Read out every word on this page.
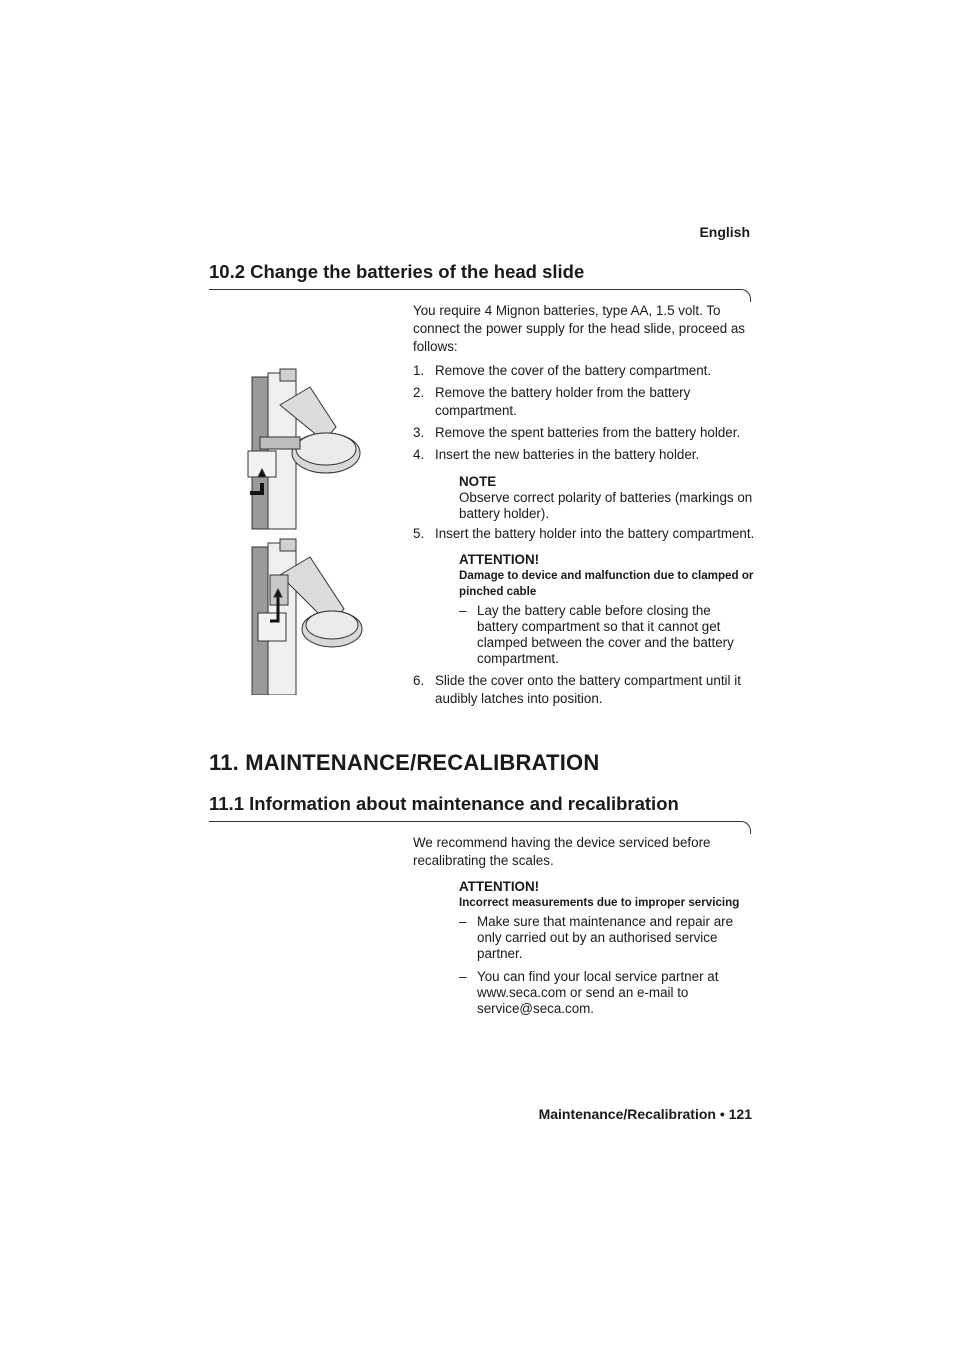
English
10.2 Change the batteries of the head slide

You require 4 Mignon batteries, type AA, 1.5 volt. To connect the power supply for the head slide, proceed as follows:

1. Remove the cover of the battery compartment.
2. Remove the battery holder from the battery compartment.
3. Remove the spent batteries from the battery holder.
4. Insert the new batteries in the battery holder.
NOTE
Observe correct polarity of batteries (markings on battery holder).
5. Insert the battery holder into the battery compartment.
ATTENTION!
Damage to device and malfunction due to clamped or pinched cable
– Lay the battery cable before closing the battery compartment so that it cannot get clamped between the cover and the battery compartment.
6. Slide the cover onto the battery compartment until it audibly latches into position.
11. MAINTENANCE/RECALIBRATION
11.1 Information about maintenance and recalibration

We recommend having the device serviced before recalibrating the scales.

ATTENTION!
Incorrect measurements due to improper servicing
– Make sure that maintenance and repair are only carried out by an authorised service partner.
– You can find your local service partner at www.seca.com or send an e-mail to service@seca.com.
Maintenance/Recalibration • 121
